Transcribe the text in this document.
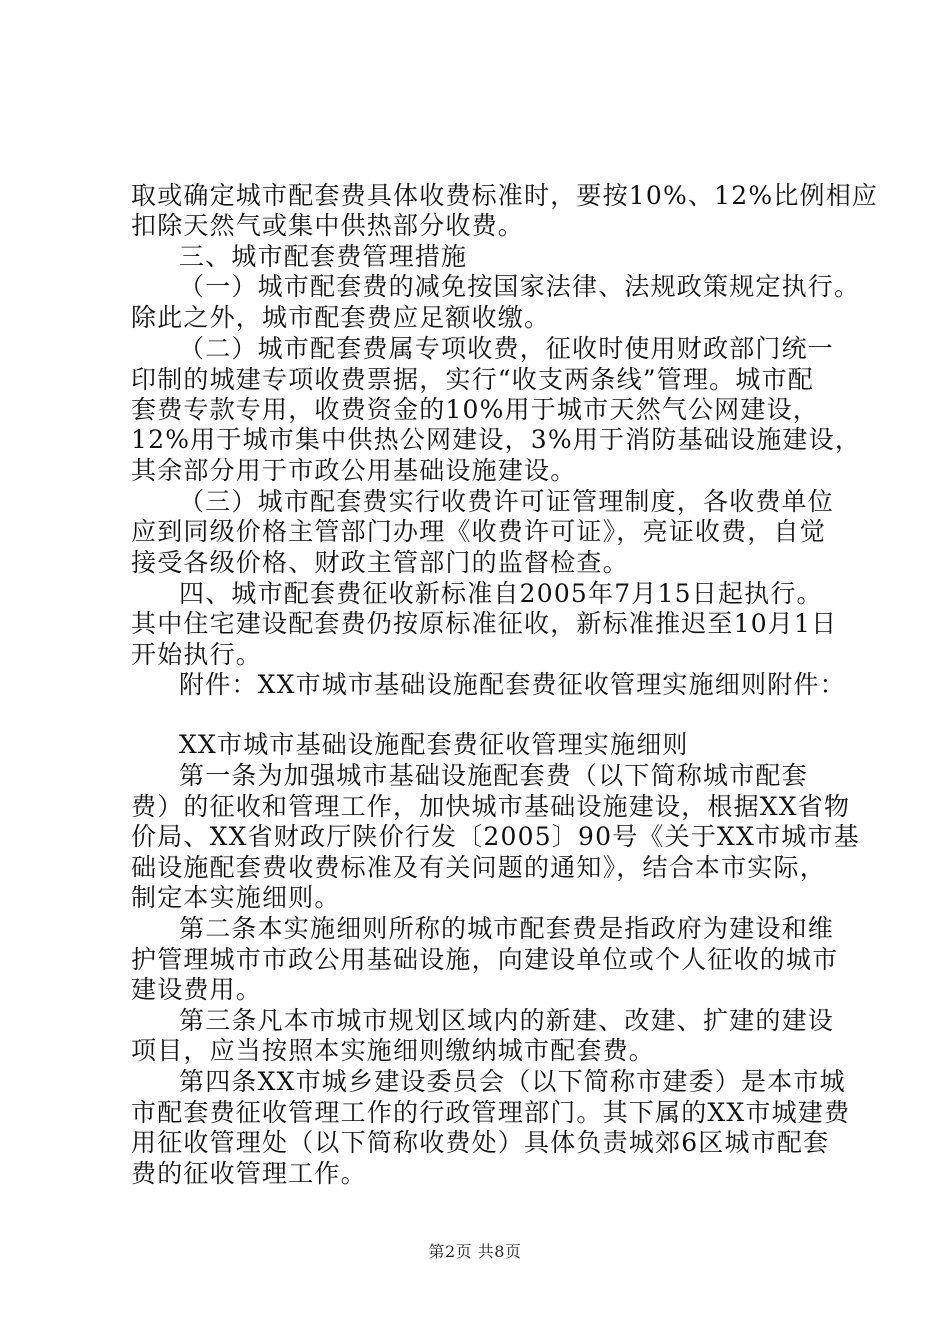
取或确定城市配套费具体收费标准时，要按10%、12%比例相应
扣除天然气或集中供热部分收费。
三、城市配套费管理措施
（一）城市配套费的减免按国家法律、法规政策规定执行。
除此之外，城市配套费应足额收缴。
（二）城市配套费属专项收费，征收时使用财政部门统一
印制的城建专项收费票据，实行“收支两条线”管理。城市配
套费专款专用，收费资金的10%用于城市天然气公网建设，
12%用于城市集中供热公网建设，3%用于消防基础设施建设，
其余部分用于市政公用基础设施建设。
（三）城市配套费实行收费许可证管理制度，各收费单位
应到同级价格主管部门办理《收费许可证》，亮证收费，自觉
接受各级价格、财政主管部门的监督检查。
四、城市配套费征收新标准自2005年7月15日起执行。
其中住宅建设配套费仍按原标准征收，新标准推迟至10月1日
开始执行。
附件：XX市城市基础设施配套费征收管理实施细则附件：
XX市城市基础设施配套费征收管理实施细则
第一条为加强城市基础设施配套费（以下简称城市配套
费）的征收和管理工作，加快城市基础设施建设，根据XX省物
价局、XX省财政厅陕价行发〔2005〕90号《关于XX市城市基
础设施配套费收费标准及有关问题的通知》，结合本市实际，
制定本实施细则。
第二条本实施细则所称的城市配套费是指政府为建设和维
护管理城市市政公用基础设施，向建设单位或个人征收的城市
建设费用。
第三条凡本市城市规划区域内的新建、改建、扩建的建设
项目，应当按照本实施细则缴纳城市配套费。
第四条XX市城乡建设委员会（以下简称市建委）是本市城
市配套费征收管理工作的行政管理部门。其下属的XX市城建费
用征收管理处（以下简称收费处）具体负责城郊6区城市配套
费的征收管理工作。
第2页 共8页
